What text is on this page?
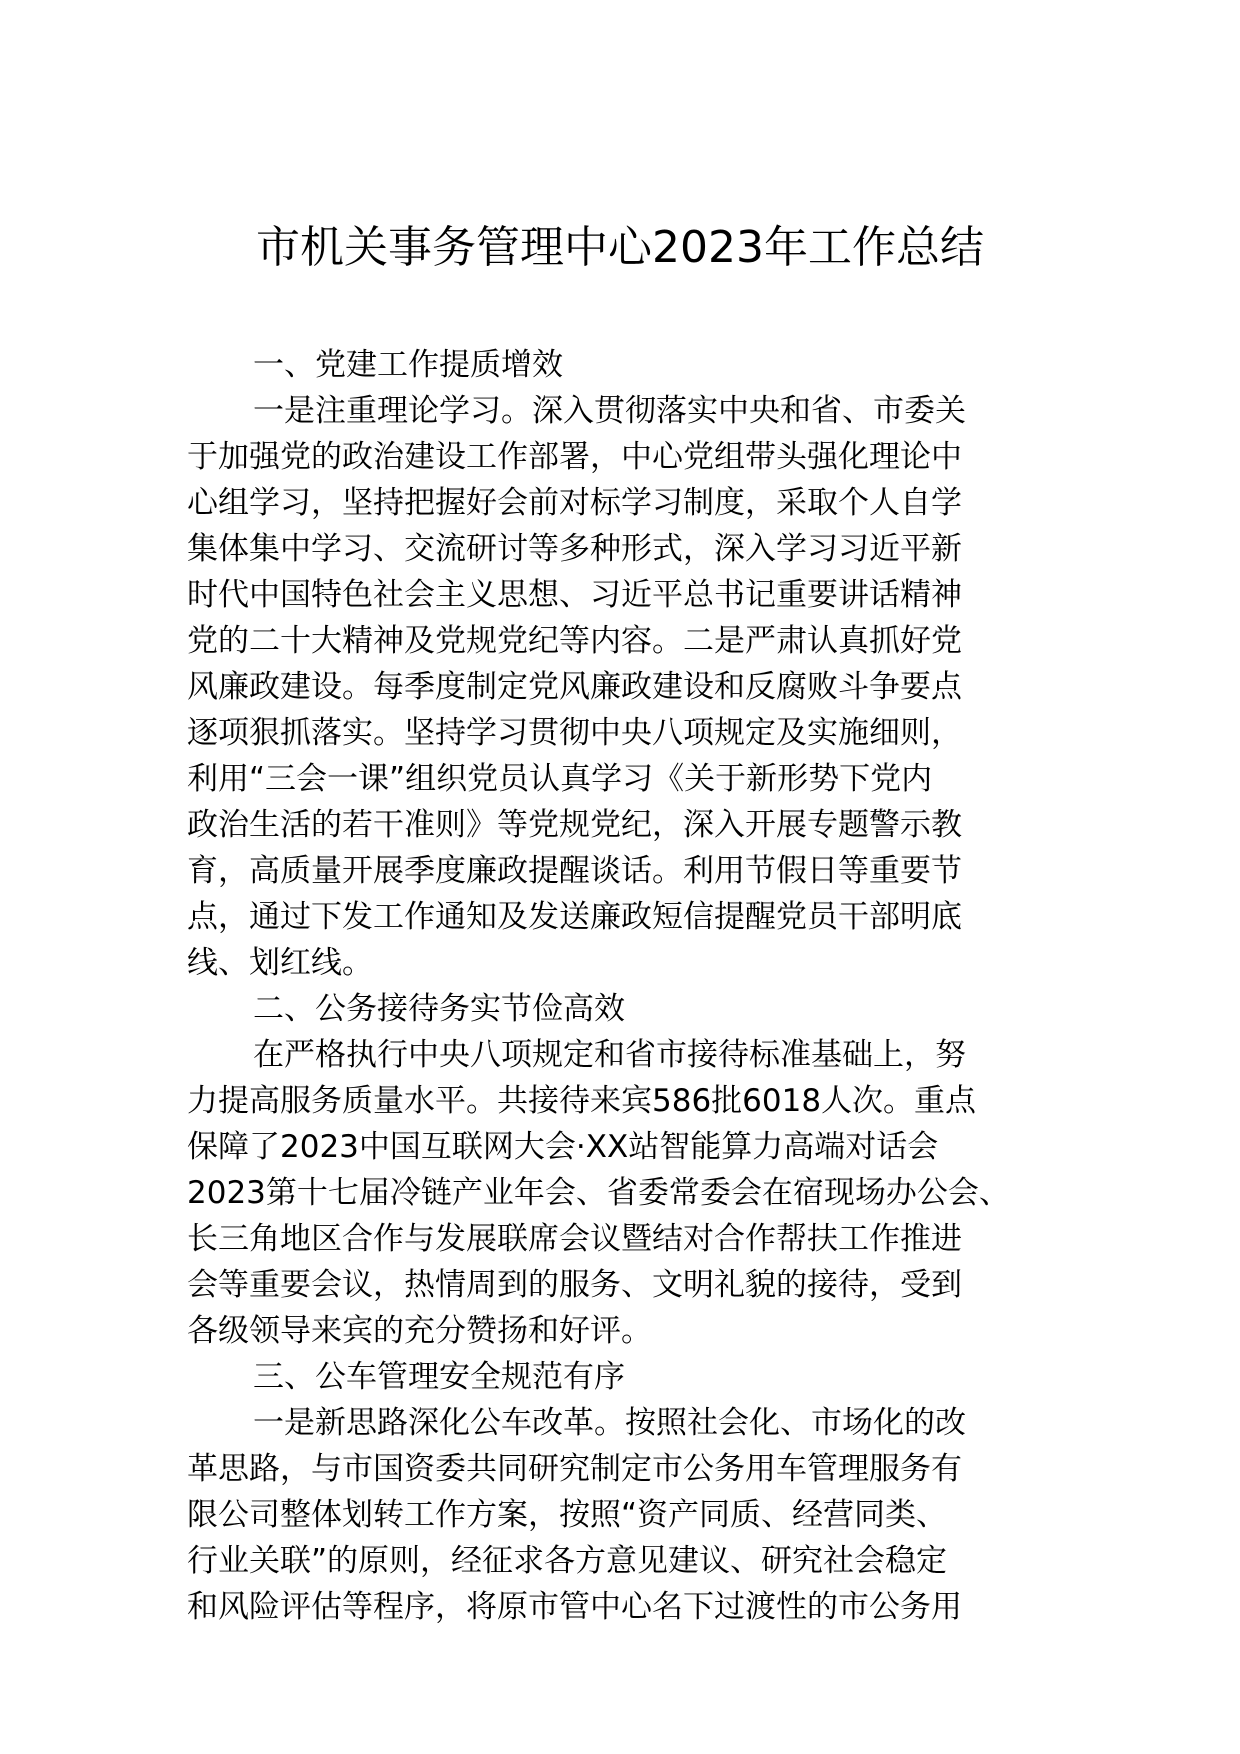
市机关事务管理中心2023年工作总结
一、党建工作提质增效
一是注重理论学习。深入贯彻落实中央和省、市委关
于加强党的政治建设工作部署，中心党组带头强化理论中
心组学习，坚持把握好会前对标学习制度，采取个人自学
集体集中学习、交流研讨等多种形式，深入学习习近平新
时代中国特色社会主义思想、习近平总书记重要讲话精神
党的二十大精神及党规党纪等内容。二是严肃认真抓好党
风廉政建设。每季度制定党风廉政建设和反腐败斗争要点
逐项狠抓落实。坚持学习贯彻中央八项规定及实施细则，
利用“三会一课”组织党员认真学习《关于新形势下党内
政治生活的若干准则》等党规党纪，深入开展专题警示教
育，高质量开展季度廉政提醒谈话。利用节假日等重要节
点，通过下发工作通知及发送廉政短信提醒党员干部明底
线、划红线。
二、公务接待务实节俭高效
在严格执行中央八项规定和省市接待标准基础上，努
力提高服务质量水平。共接待来宾586批6018人次。重点
保障了2023中国互联网大会·XX站智能算力高端对话会
2023第十七届冷链产业年会、省委常委会在宿现场办公会、
长三角地区合作与发展联席会议暨结对合作帮扶工作推进
会等重要会议，热情周到的服务、文明礼貌的接待，受到
各级领导来宾的充分赞扬和好评。
三、公车管理安全规范有序
一是新思路深化公车改革。按照社会化、市场化的改
革思路，与市国资委共同研究制定市公务用车管理服务有
限公司整体划转工作方案，按照“资产同质、经营同类、
行业关联”的原则，经征求各方意见建议、研究社会稳定
和风险评估等程序，将原市管中心名下过渡性的市公务用
